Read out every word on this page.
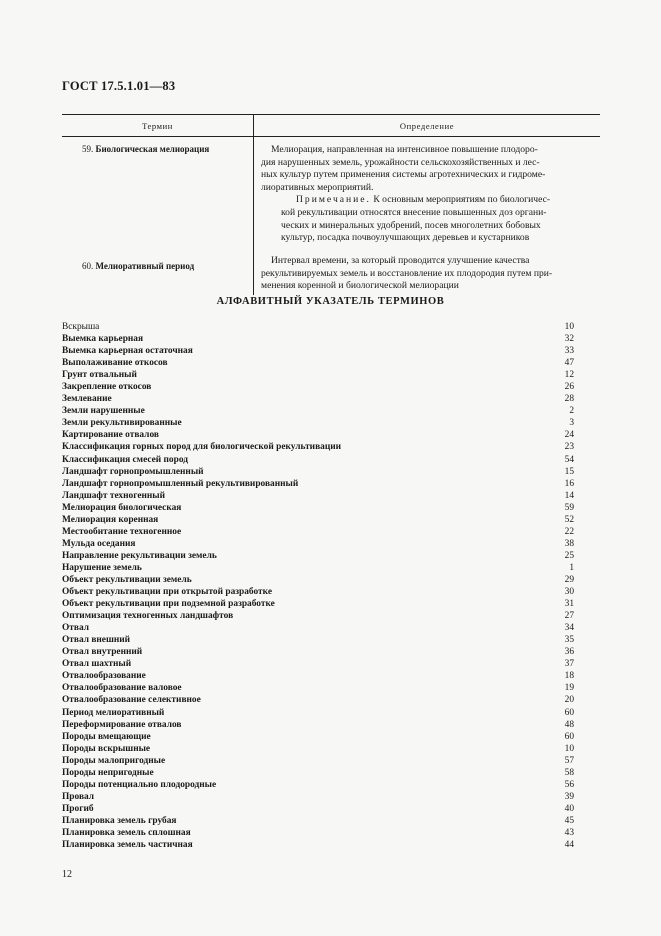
ГОСТ 17.5.1.01—83
Термин	Определение
59. Биологическая мелиорация	Мелиорация, направленная на интенсивное повышение плодоро-

дия нарушенных земель, урожайности сельскохозяйственных и лес-

ных культур путем применения системы агротехнических и гидроме-

лиоративных мероприятий.

Примечание. К основным мероприятиям по биологичес-

кой рекультивации относятся внесение повышенных доз органи-

ческих и минеральных удобрений, посев многолетних бобовых

культур, посадка почвоулучшающих деревьев и кустарников

60. Мелиоративный период	Интервал времени, за который проводится улучшение качества

рекультивируемых земель и восстановление их плодородия путем при-

менения коренной и биологической мелиорации

АЛФАВИТНЫЙ УКАЗАТЕЛЬ ТЕРМИНОВ
Вскрыша	10
Выемка карьерная	32
Выемка карьерная остаточная	33
Выполаживание откосов	47
Грунт отвальный	12
Закрепление откосов	26
Землевание	28
Земли нарушенные	2
Земли рекультивированные	3
Картирование отвалов	24
Классификация горных пород для биологической рекультивации	23
Классификация смесей пород	54
Ландшафт горнопромышленный	15
Ландшафт горнопромышленный рекультивированный	16
Ландшафт техногенный	14
Мелиорация биологическая	59
Мелиорация коренная	52
Местообитание техногенное	22
Мульда оседания	38
Направление рекультивации земель	25
Нарушение земель	1
Объект рекультивации земель	29
Объект рекультивации при открытой разработке	30
Объект рекультивации при подземной разработке	31
Оптимизация техногенных ландшафтов	27
Отвал	34
Отвал внешний	35
Отвал внутренний	36
Отвал шахтный	37
Отвалообразование	18
Отвалообразование валовое	19
Отвалообразование селективное	20
Период мелиоративный	60
Переформирование отвалов	48
Породы вмещающие	60
Породы вскрышные	10
Породы малопригодные	57
Породы непригодные	58
Породы потенциально плодородные	56
Провал	39
Прогиб	40
Планировка земель грубая	45
Планировка земель сплошная	43
Планировка земель частичная	44
12
